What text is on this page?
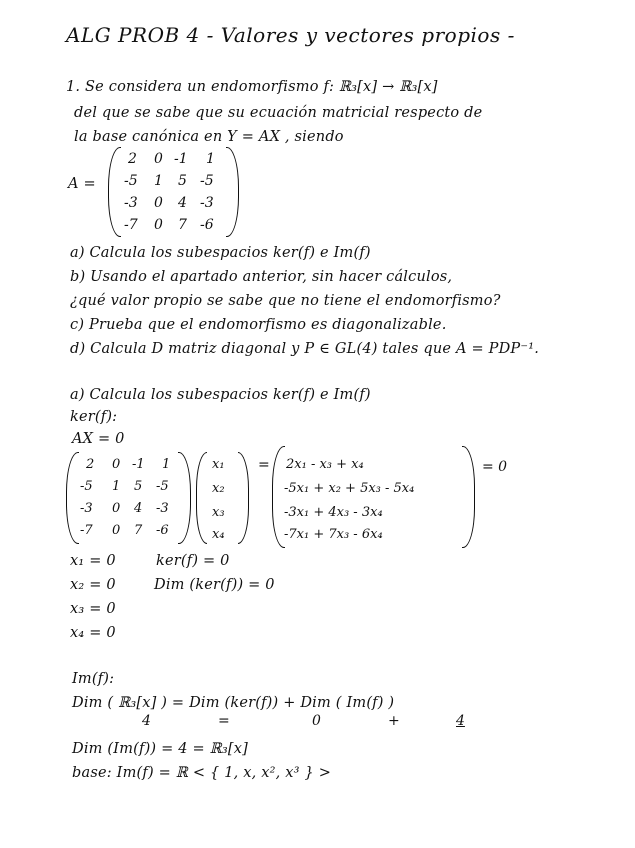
ALG PROB 4 - Valores y vectores propios -
1. Se considera un endomorfismo f: ℝ₃[x] → ℝ₃[x]
del que se sabe que su ecuación matricial respecto de
la base canónica en Y = AX , siendo
A =
2 0 -1 1
-5 1 5 -5
-3 0 4 -3
-7 0 7 -6
a) Calcula los subespacios ker(f) e Im(f)
b) Usando el apartado anterior, sin hacer cálculos,
¿qué valor propio se sabe que no tiene el endomorfismo?
c) Prueba que el endomorfismo es diagonalizable.
d) Calcula D matriz diagonal y P ∈ GL(4) tales que A = PDP⁻¹.
a) Calcula los subespacios ker(f) e Im(f)
ker(f):
AX = 0
2 0 -1 1
-5 1 5 -5
-3 0 4 -3
-7 0 7 -6
x₁
x₂
x₃
x₄
= 2x₁ - x₃ + x₄
-5x₁ + x₂ + 5x₃ - 5x₄
-3x₁ + 4x₃ - 3x₄
-7x₁ + 7x₃ - 6x₄
= 0
x₁ = 0
x₂ = 0
x₃ = 0
x₄ = 0
ker(f) = 0
Dim (ker(f)) = 0
Im(f):
Dim ( ℝ₃[x] ) = Dim (ker(f)) + Dim ( Im(f) )
4	=	0	+	4
Dim (Im(f)) = 4 = ℝ₃[x]
base: Im(f) = ℝ < { 1, x, x², x³ } >
